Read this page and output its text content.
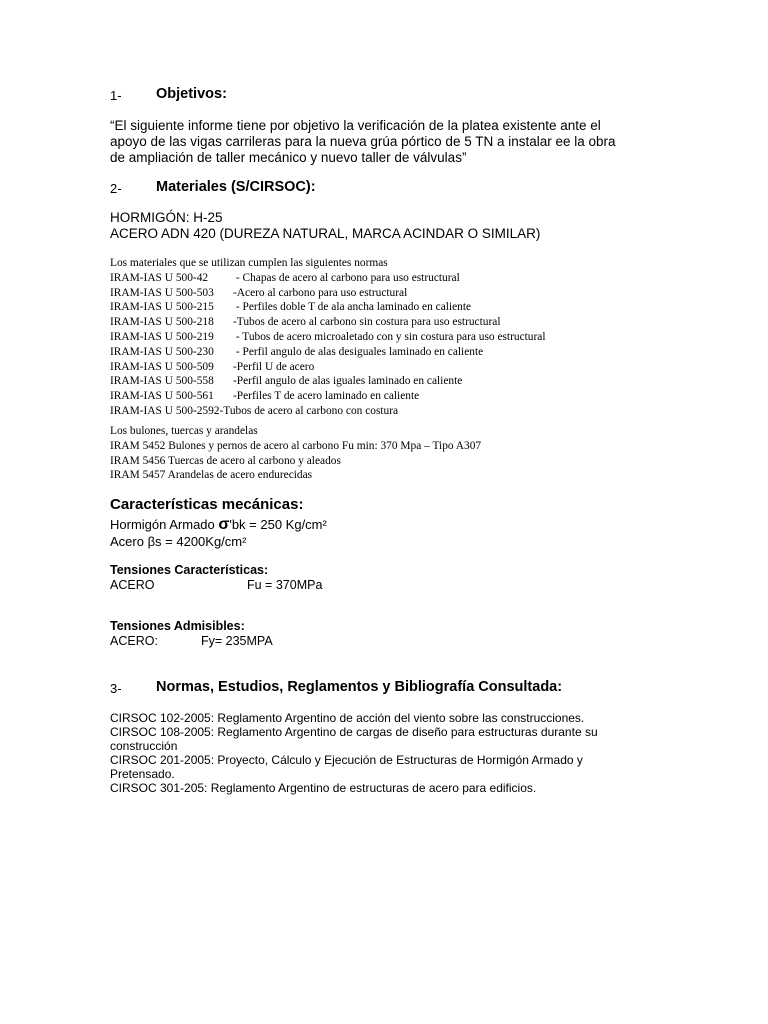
1- Objetivos:
“El siguiente informe tiene por objetivo la verificación de la platea existente ante el
apoyo de las vigas carrileras para la nueva grúa pórtico de 5 TN a instalar ee la obra
de ampliación de taller mecánico y nuevo taller de válvulas”
2- Materiales (S/CIRSOC):
HORMIGÓN: H-25
ACERO ADN 420 (DUREZA NATURAL, MARCA ACINDAR O SIMILAR)
Los materiales que se utilizan cumplen las siguientes normas
IRAM-IAS U 500-42 - Chapas de acero al carbono para uso estructural
IRAM-IAS U 500-503 -Acero al carbono para uso estructural
IRAM-IAS U 500-215 - Perfiles doble T de ala ancha laminado en caliente
IRAM-IAS U 500-218 -Tubos de acero al carbono sin costura para uso estructural
IRAM-IAS U 500-219 - Tubos de acero microaletado con y sin costura para uso estructural
IRAM-IAS U 500-230 - Perfil angulo de alas desiguales laminado en caliente
IRAM-IAS U 500-509 -Perfil U de acero
IRAM-IAS U 500-558 -Perfil angulo de alas iguales laminado en caliente
IRAM-IAS U 500-561 -Perfiles T de acero laminado en caliente
IRAM-IAS U 500-2592-Tubos de acero al carbono con costura
Los bulones, tuercas y arandelas
IRAM 5452 Bulones y pernos de acero al carbono Fu min: 370 Mpa – Tipo A307
IRAM 5456 Tuercas de acero al carbono y aleados
IRAM 5457 Arandelas de acero endurecidas
Características mecánicas:
Hormigón Armado σ'bk = 250 Kg/cm²
Acero βs = 4200Kg/cm²
Tensiones Características:
ACERO	Fu = 370MPa
Tensiones Admisibles:
ACERO:	Fy= 235MPA
3- Normas, Estudios, Reglamentos y Bibliografía Consultada:
CIRSOC 102-2005: Reglamento Argentino de acción del viento sobre las construcciones.
CIRSOC 108-2005: Reglamento Argentino de cargas de diseño para estructuras durante su
construcción
CIRSOC 201-2005: Proyecto, Cálculo y Ejecución de Estructuras de Hormigón Armado y
Pretensado.
CIRSOC 301-205: Reglamento Argentino de estructuras de acero para edificios.
